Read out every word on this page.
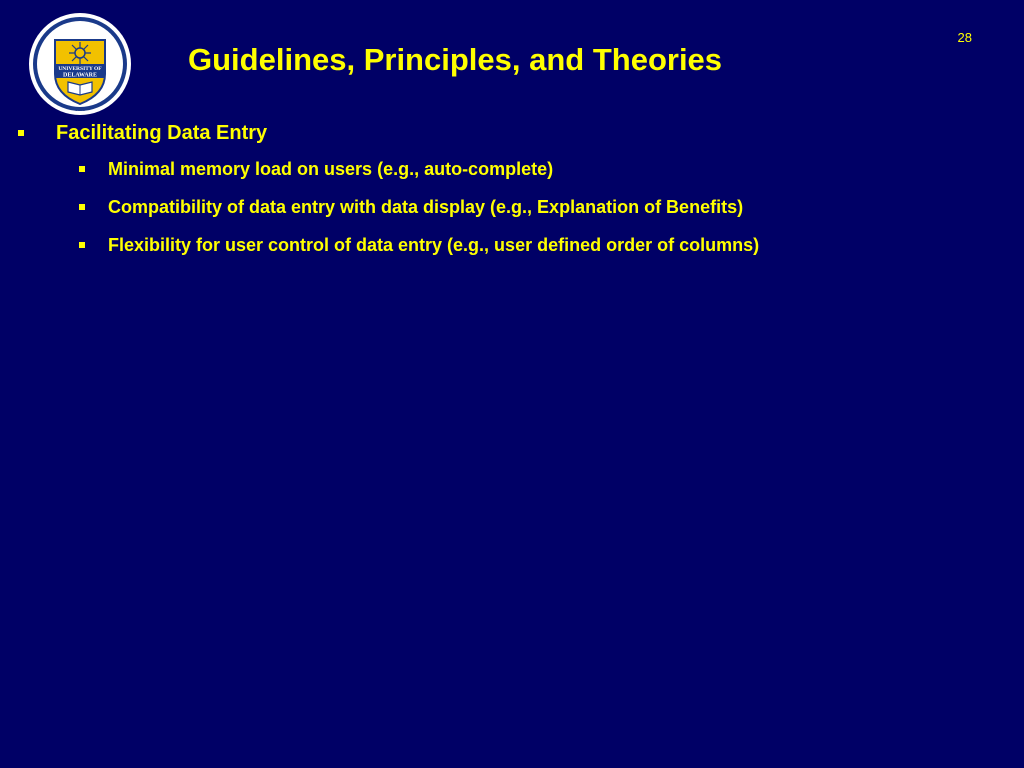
UNIVERSITY OF
DELAWARE
1743
Guidelines, Principles, and Theories
28
Facilitating Data Entry
Minimal memory load on users (e.g., auto-complete)
Compatibility of data entry with data display (e.g., Explanation of Benefits)
Flexibility for user control of data entry (e.g., user defined order of columns)
